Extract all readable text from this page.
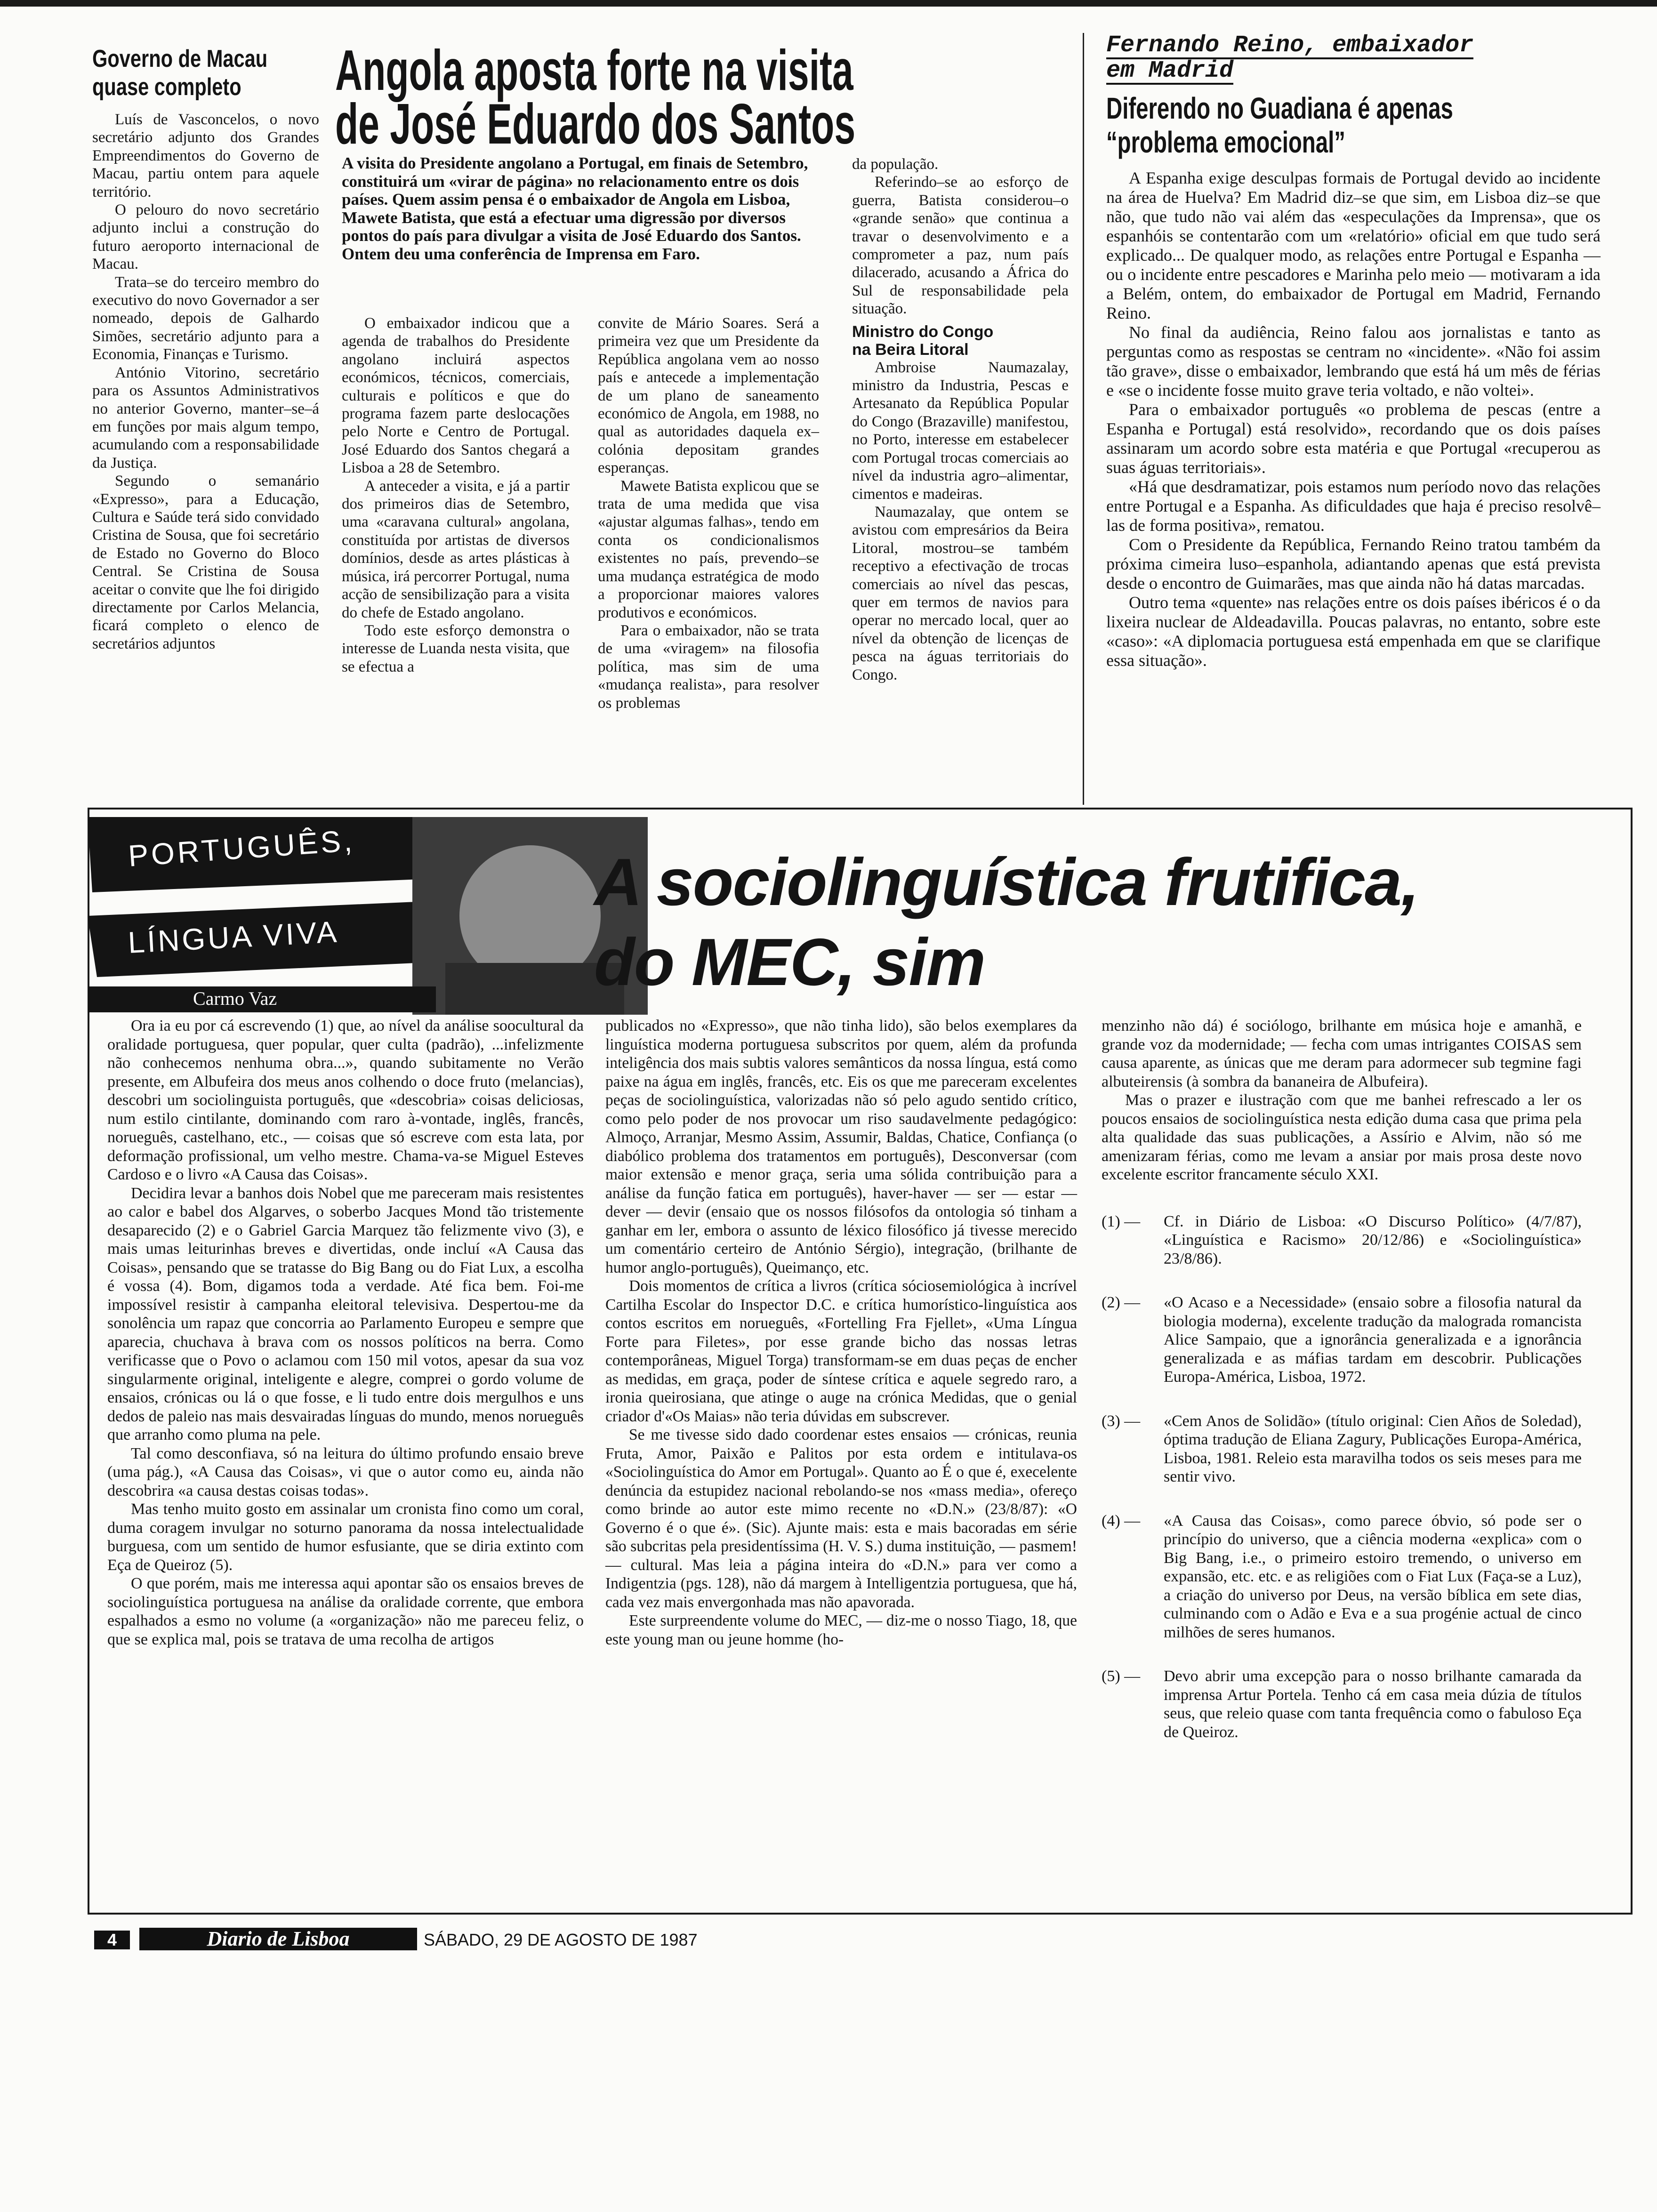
Governo de Macau
quase completo

Luís de Vasconcelos, o novo secretário adjunto dos Grandes Empreendimentos do Governo de Macau, partiu ontem para aquele território.

O pelouro do novo secretário adjunto inclui a construção do futuro aeroporto internacional de Macau.

Trata–se do terceiro membro do executivo do novo Governador a ser nomeado, depois de Galhardo Simões, secretário adjunto para a Economia, Finanças e Turismo.

António Vitorino, secretário para os Assuntos Administrativos no anterior Governo, manter–se–á em funções por mais algum tempo, acumulando com a responsabilidade da Justiça.

Segundo o semanário «Expresso», para a Educação, Cultura e Saúde terá sido convidado Cristina de Sousa, que foi secretário de Estado no Governo do Bloco Central. Se Cristina de Sousa aceitar o convite que lhe foi dirigido directamente por Carlos Melancia, ficará completo o elenco de secretários adjuntos

Angola aposta forte na visita
de José Eduardo dos Santos
A visita do Presidente angolano a Portugal, em finais de Setembro, constituirá um «virar de página» no relacionamento entre os dois países. Quem assim pensa é o embaixador de Angola em Lisboa, Mawete Batista, que está a efectuar uma digressão por diversos pontos do país para divulgar a visita de José Eduardo dos Santos. Ontem deu uma conferência de Imprensa em Faro.

O embaixador indicou que a agenda de trabalhos do Presidente angolano incluirá aspectos económicos, técnicos, comerciais, culturais e políticos e que do programa fazem parte deslocações pelo Norte e Centro de Portugal. José Eduardo dos Santos chegará a Lisboa a 28 de Setembro.

A anteceder a visita, e já a partir dos primeiros dias de Setembro, uma «caravana cultural» angolana, constituída por artistas de diversos domínios, desde as artes plásticas à música, irá percorrer Portugal, numa acção de sensibilização para a visita do chefe de Estado angolano.

Todo este esforço demonstra o interesse de Luanda nesta visita, que se efectua a

convite de Mário Soares. Será a primeira vez que um Presidente da República angolana vem ao nosso país e antecede a implementação de um plano de saneamento económico de Angola, em 1988, no qual as autoridades daquela ex–colónia depositam grandes esperanças.

Mawete Batista explicou que se trata de uma medida que visa «ajustar algumas falhas», tendo em conta os condicionalismos existentes no país, prevendo–se uma mudança estratégica de modo a proporcionar maiores valores produtivos e económicos.

Para o embaixador, não se trata de uma «viragem» na filosofia política, mas sim de uma «mudança realista», para resolver os problemas

da população.

Referindo–se ao esforço de guerra, Batista considerou–o «grande senão» que continua a travar o desenvolvimento e a comprometer a paz, num país dilacerado, acusando a África do Sul de responsabilidade pela situação.

Ministro do Congo
na Beira Litoral

Ambroise Naumazalay, ministro da Industria, Pescas e Artesanato da República Popular do Congo (Brazaville) manifestou, no Porto, interesse em estabelecer com Portugal trocas comerciais ao nível da industria agro–alimentar, cimentos e madeiras.

Naumazalay, que ontem se avistou com empresários da Beira Litoral, mostrou–se também receptivo a efectivação de trocas comerciais ao nível das pescas, quer em termos de navios para operar no mercado local, quer ao nível da obtenção de licenças de pesca na águas territoriais do Congo.

Fernando Reino, embaixador
em Madrid
Diferendo no Guadiana é apenas
“problema emocional”

A Espanha exige desculpas formais de Portugal devido ao incidente na área de Huelva? Em Madrid diz–se que sim, em Lisboa diz–se que não, que tudo não vai além das «especulações da Imprensa», que os espanhóis se contentarão com um «relatório» oficial em que tudo será explicado... De qualquer modo, as relações entre Portugal e Espanha — ou o incidente entre pescadores e Marinha pelo meio — motivaram a ida a Belém, ontem, do embaixador de Portugal em Madrid, Fernando Reino.

No final da audiência, Reino falou aos jornalistas e tanto as perguntas como as respostas se centram no «incidente». «Não foi assim tão grave», disse o embaixador, lembrando que está há um mês de férias e «se o incidente fosse muito grave teria voltado, e não voltei».

Para o embaixador português «o problema de pescas (entre a Espanha e Portugal) está resolvido», recordando que os dois países assinaram um acordo sobre esta matéria e que Portugal «recuperou as suas águas territoriais».

«Há que desdramatizar, pois estamos num período novo das relações entre Portugal e a Espanha. As dificuldades que haja é preciso resolvê–las de forma positiva», rematou.

Com o Presidente da República, Fernando Reino tratou também da próxima cimeira luso–espanhola, adiantando apenas que está prevista desde o encontro de Guimarães, mas que ainda não há datas marcadas.

Outro tema «quente» nas relações entre os dois países ibéricos é o da lixeira nuclear de Aldeadavilla. Poucas palavras, no entanto, sobre este «caso»: «A diplomacia portuguesa está empenhada em que se clarifique essa situação».

PORTUGUÊS,
LÍNGUA VIVA
Carmo Vaz
A sociolinguística frutifica,
do MEC, sim

Ora ia eu por cá escrevendo (1) que, ao nível da análise soocultural da oralidade portuguesa, quer popular, quer culta (padrão), ...infelizmente não conhecemos nenhuma obra...», quando subitamente no Verão presente, em Albufeira dos meus anos colhendo o doce fruto (melancias), descobri um sociolinguista português, que «descobria» coisas deliciosas, num estilo cintilante, dominando com raro à-vontade, inglês, francês, norueguês, castelhano, etc., — coisas que só escreve com esta lata, por deformação profissional, um velho mestre. Chama-va-se Miguel Esteves Cardoso e o livro «A Causa das Coisas».

Decidira levar a banhos dois Nobel que me pareceram mais resistentes ao calor e babel dos Algarves, o soberbo Jacques Mond tão tristemente desaparecido (2) e o Gabriel Garcia Marquez tão felizmente vivo (3), e mais umas leiturinhas breves e divertidas, onde incluí «A Causa das Coisas», pensando que se tratasse do Big Bang ou do Fiat Lux, a escolha é vossa (4). Bom, digamos toda a verdade. Até fica bem. Foi-me impossível resistir à campanha eleitoral televisiva. Despertou-me da sonolência um rapaz que concorria ao Parlamento Europeu e sempre que aparecia, chuchava à brava com os nossos políticos na berra. Como verificasse que o Povo o aclamou com 150 mil votos, apesar da sua voz singularmente original, inteligente e alegre, comprei o gordo volume de ensaios, crónicas ou lá o que fosse, e li tudo entre dois mergulhos e uns dedos de paleio nas mais desvairadas línguas do mundo, menos norueguês que arranho como pluma na pele.

Tal como desconfiava, só na leitura do último profundo ensaio breve (uma pág.), «A Causa das Coisas», vi que o autor como eu, ainda não descobrira «a causa destas coisas todas».

Mas tenho muito gosto em assinalar um cronista fino como um coral, duma coragem invulgar no soturno panorama da nossa intelectualidade burguesa, com um sentido de humor esfusiante, que se diria extinto com Eça de Queiroz (5).

O que porém, mais me interessa aqui apontar são os ensaios breves de sociolinguística portuguesa na análise da oralidade corrente, que embora espalhados a esmo no volume (a «organização» não me pareceu feliz, o que se explica mal, pois se tratava de uma recolha de artigos

publicados no «Expresso», que não tinha lido), são belos exemplares da linguística moderna portuguesa subscritos por quem, além da profunda inteligência dos mais subtis valores semânticos da nossa língua, está como paixe na água em inglês, francês, etc. Eis os que me pareceram excelentes peças de sociolinguística, valorizadas não só pelo agudo sentido crítico, como pelo poder de nos provocar um riso saudavelmente pedagógico: Almoço, Arranjar, Mesmo Assim, Assumir, Baldas, Chatice, Confiança (o diabólico problema dos tratamentos em português), Desconversar (com maior extensão e menor graça, seria uma sólida contribuição para a análise da função fatica em português), haver-haver — ser — estar — dever — devir (ensaio que os nossos filósofos da ontologia só tinham a ganhar em ler, embora o assunto de léxico filosófico já tivesse merecido um comentário certeiro de António Sérgio), integração, (brilhante de humor anglo-português), Queimanço, etc.

Dois momentos de crítica a livros (crítica sóciosemiológica à incrível Cartilha Escolar do Inspector D.C. e crítica humorístico-linguística aos contos escritos em norueguês, «Fortelling Fra Fjellet», «Uma Língua Forte para Filetes», por esse grande bicho das nossas letras contemporâneas, Miguel Torga) transformam-se em duas peças de encher as medidas, em graça, poder de síntese crítica e aquele segredo raro, a ironia queirosiana, que atinge o auge na crónica Medidas, que o genial criador d'«Os Maias» não teria dúvidas em subscrever.

Se me tivesse sido dado coordenar estes ensaios — crónicas, reunia Fruta, Amor, Paixão e Palitos por esta ordem e intitulava-os «Sociolinguística do Amor em Portugal». Quanto ao É o que é, execelente denúncia da estupidez nacional rebolando-se nos «mass media», ofereço como brinde ao autor este mimo recente no «D.N.» (23/8/87): «O Governo é o que é». (Sic). Ajunte mais: esta e mais bacoradas em série são subcritas pela presidentíssima (H. V. S.) duma instituição, — pasmem! — cultural. Mas leia a página inteira do «D.N.» para ver como a Indigentzia (pgs. 128), não dá margem à Intelligentzia portuguesa, que há, cada vez mais envergonhada mas não apavorada.

Este surpreendente volume do MEC, — diz-me o nosso Tiago, 18, que este young man ou jeune homme (ho-

menzinho não dá) é sociólogo, brilhante em música hoje e amanhã, e grande voz da modernidade; — fecha com umas intrigantes COISAS sem causa aparente, as únicas que me deram para adormecer sub tegmine fagi albuteirensis (à sombra da bananeira de Albufeira).

Mas o prazer e ilustração com que me banhei refrescado a ler os poucos ensaios de sociolinguística nesta edição duma casa que prima pela alta qualidade das suas publicações, a Assírio e Alvim, não só me amenizaram férias, como me levam a ansiar por mais prosa deste novo excelente escritor francamente século XXI.

(1) —	Cf. in Diário de Lisboa: «O Discurso Político» (4/7/87), «Linguística e Racismo» 20/12/86) e «Sociolinguística» 23/8/86).
(2) —	«O Acaso e a Necessidade» (ensaio sobre a filosofia natural da biologia moderna), excelente tradução da malograda romancista Alice Sampaio, que a ignorância generalizada e a ignorância generalizada e as máfias tardam em descobrir. Publicações Europa-América, Lisboa, 1972.
(3) —	«Cem Anos de Solidão» (título original: Cien Años de Soledad), óptima tradução de Eliana Zagury, Publicações Europa-América, Lisboa, 1981. Releio esta maravilha todos os seis meses para me sentir vivo.
(4) —	«A Causa das Coisas», como parece óbvio, só pode ser o princípio do universo, que a ciência moderna «explica» com o Big Bang, i.e., o primeiro estoiro tremendo, o universo em expansão, etc. etc. e as religiões com o Fiat Lux (Faça-se a Luz), a criação do universo por Deus, na versão bíblica em sete dias, culminando com o Adão e Eva e a sua progénie actual de cinco milhões de seres humanos.
(5) —	Devo abrir uma excepção para o nosso brilhante camarada da imprensa Artur Portela. Tenho cá em casa meia dúzia de títulos seus, que releio quase com tanta frequência como o fabuloso Eça de Queiroz.
4	Diario de Lisboa	SÁBADO, 29 DE AGOSTO DE 1987
